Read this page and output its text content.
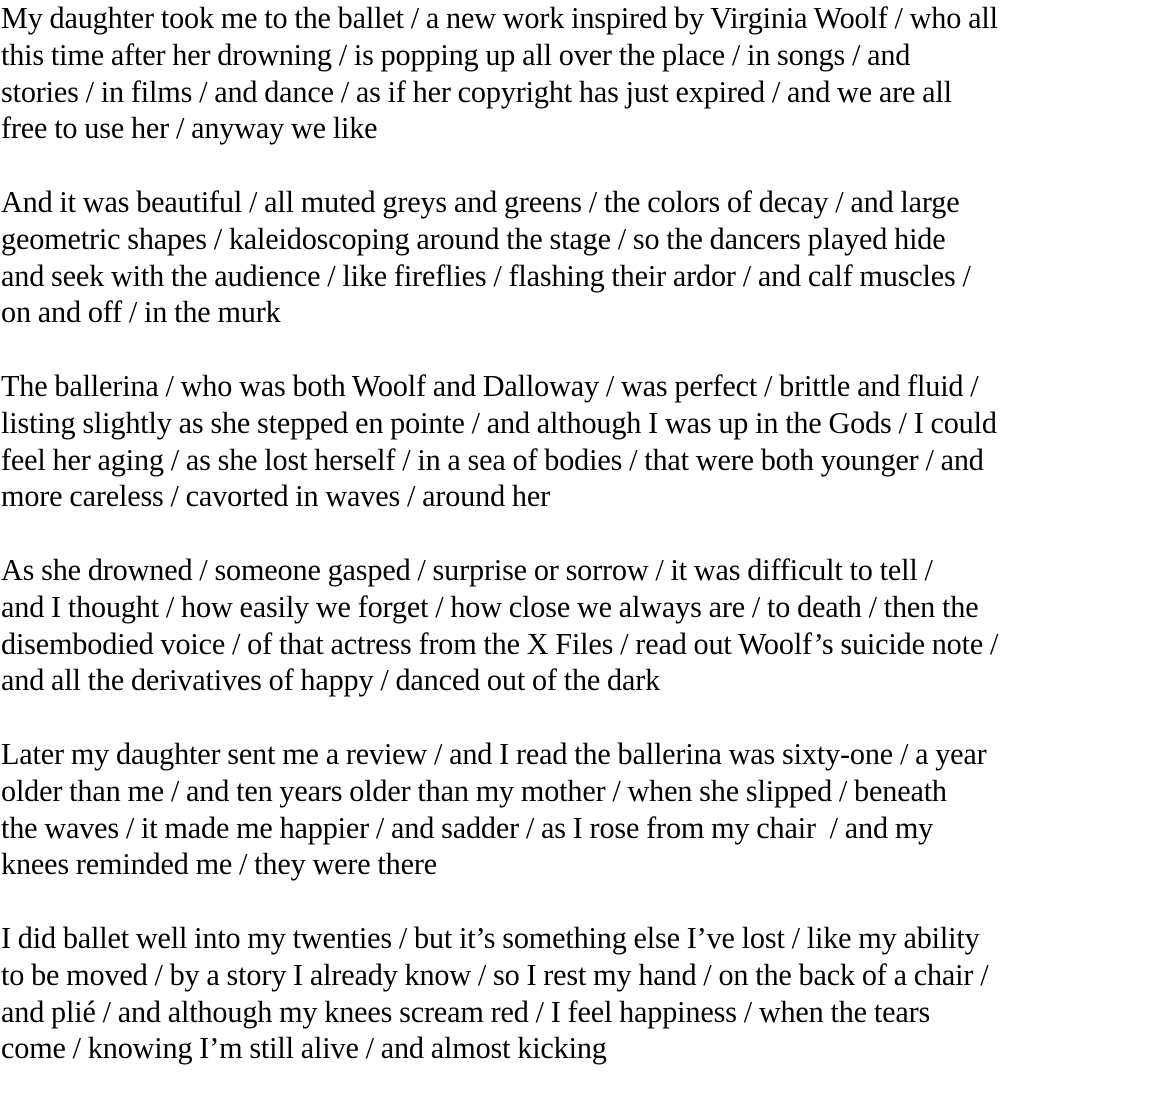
My daughter took me to the ballet / a new work inspired by Virginia Woolf / who all
this time after her drowning / is popping up all over the place / in songs / and
stories / in films / and dance / as if her copyright has just expired / and we are all
free to use her / anyway we like
And it was beautiful / all muted greys and greens / the colors of decay / and large
geometric shapes / kaleidoscoping around the stage / so the dancers played hide
and seek with the audience / like fireflies / flashing their ardor / and calf muscles /
on and off / in the murk
The ballerina / who was both Woolf and Dalloway / was perfect / brittle and fluid /
listing slightly as she stepped en pointe / and although I was up in the Gods / I could
feel her aging / as she lost herself / in a sea of bodies / that were both younger / and
more careless / cavorted in waves / around her
As she drowned / someone gasped / surprise or sorrow / it was difficult to tell /
and I thought / how easily we forget / how close we always are / to death / then the
disembodied voice / of that actress from the X Files / read out Woolf’s suicide note /
and all the derivatives of happy / danced out of the dark
Later my daughter sent me a review / and I read the ballerina was sixty-one / a year
older than me / and ten years older than my mother / when she slipped / beneath
the waves / it made me happier / and sadder / as I rose from my chair  / and my
knees reminded me / they were there
I did ballet well into my twenties / but it’s something else I’ve lost / like my ability
to be moved / by a story I already know / so I rest my hand / on the back of a chair /
and plié / and although my knees scream red / I feel happiness / when the tears
come / knowing I’m still alive / and almost kicking
